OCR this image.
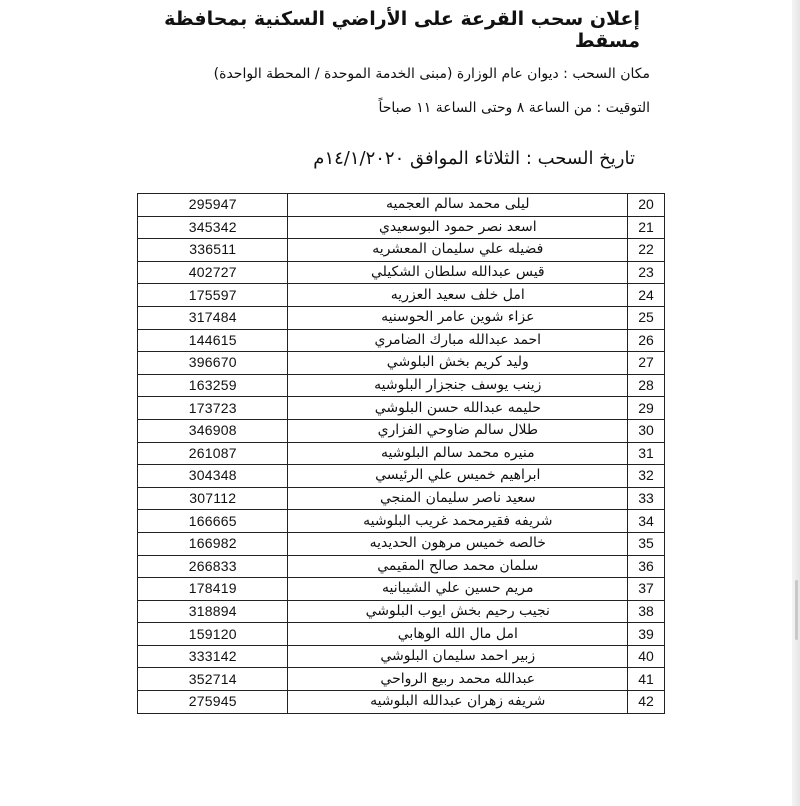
إعلان سحب القرعة على الأراضي السكنية بمحافظة مسقط
مكان السحب : ديوان عام الوزارة (مبنى الخدمة الموحدة / المحطة الواحدة)
التوقيت : من الساعة ٨ وحتى الساعة ١١ صباحاً
تاريخ السحب : الثلاثاء الموافق ١٤/١/٢٠٢٠م
295947	ليلى محمد سالم العجميه	20
345342	اسعد نصر حمود البوسعيدي	21
336511	فضيله علي سليمان المعشريه	22
402727	قيس عبدالله سلطان الشكيلي	23
175597	امل خلف سعيد العزريه	24
317484	عزاء شوين عامر الحوسنيه	25
144615	احمد عبدالله مبارك الضامري	26
396670	وليد كريم بخش البلوشي	27
163259	زينب يوسف جنجزار البلوشيه	28
173723	حليمه عبدالله حسن البلوشي	29
346908	طلال سالم ضاوحي الفزاري	30
261087	منيره محمد سالم البلوشيه	31
304348	ابراهيم خميس علي الرئيسي	32
307112	سعيد ناصر سليمان المنجي	33
166665	شريفه فقيرمحمد غريب البلوشيه	34
166982	خالصه خميس مرهون الحديديه	35
266833	سلمان محمد صالح المقيمي	36
178419	مريم حسين علي الشيبانيه	37
318894	نجيب رحيم بخش ايوب البلوشي	38
159120	امل مال الله الوهابي	39
333142	زبير احمد سليمان البلوشي	40
352714	عبدالله محمد ربيع الرواحي	41
275945	شريفه زهران عبدالله البلوشيه	42
